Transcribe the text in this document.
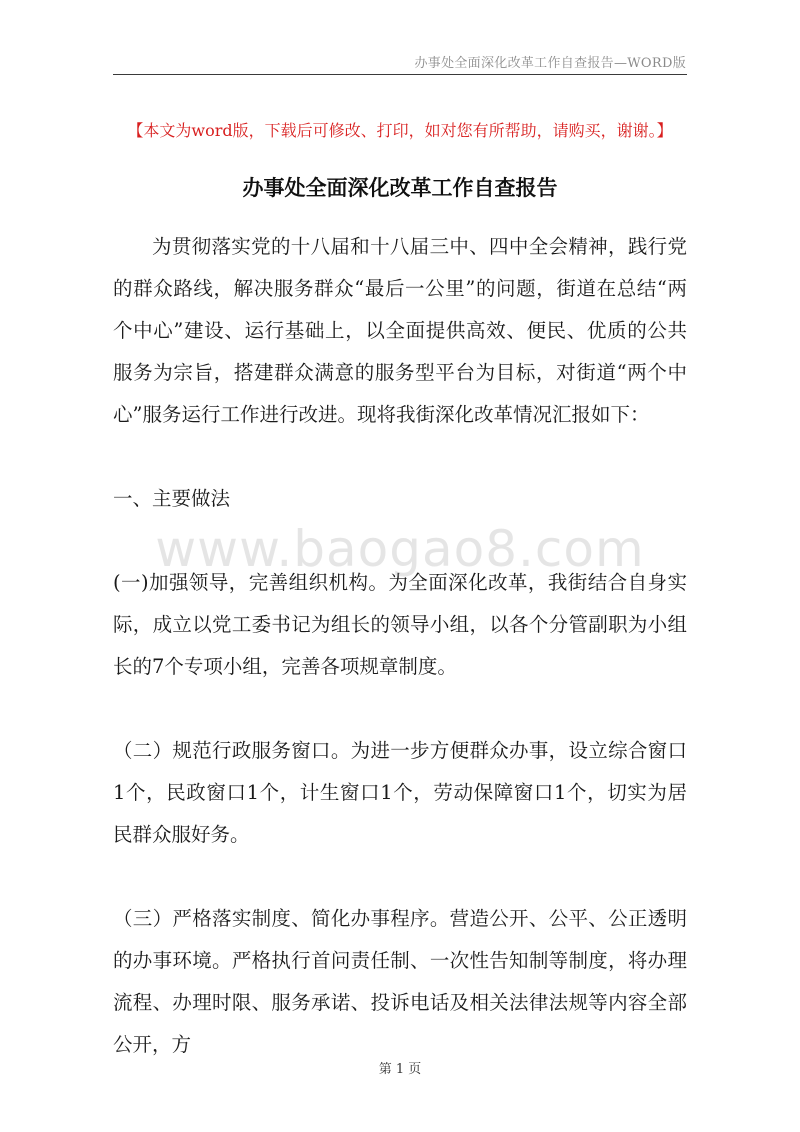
办事处全面深化改革工作自查报告—WORD版
【本文为word版，下载后可修改、打印，如对您有所帮助，请购买，谢谢。】
办事处全面深化改革工作自查报告

为贯彻落实党的十八届和十八届三中、四中全会精神，践行党的群众路线，解决服务群众“最后一公里”的问题，街道在总结“两个中心”建设、运行基础上，以全面提供高效、便民、优质的公共服务为宗旨，搭建群众满意的服务型平台为目标，对街道“两个中心”服务运行工作进行改进。现将我街深化改革情况汇报如下：

一、主要做法

(一)加强领导，完善组织机构。为全面深化改革，我街结合自身实际，成立以党工委书记为组长的领导小组，以各个分管副职为小组长的7个专项小组，完善各项规章制度。

（二）规范行政服务窗口。为进一步方便群众办事，设立综合窗口1个，民政窗口1个，计生窗口1个，劳动保障窗口1个，切实为居民群众服好务。

（三）严格落实制度、简化办事程序。营造公开、公平、公正透明的办事环境。严格执行首问责任制、一次性告知制等制度，将办理流程、办理时限、服务承诺、投诉电话及相关法律法规等内容全部公开，方

www.baogao8.com
第 1 页
